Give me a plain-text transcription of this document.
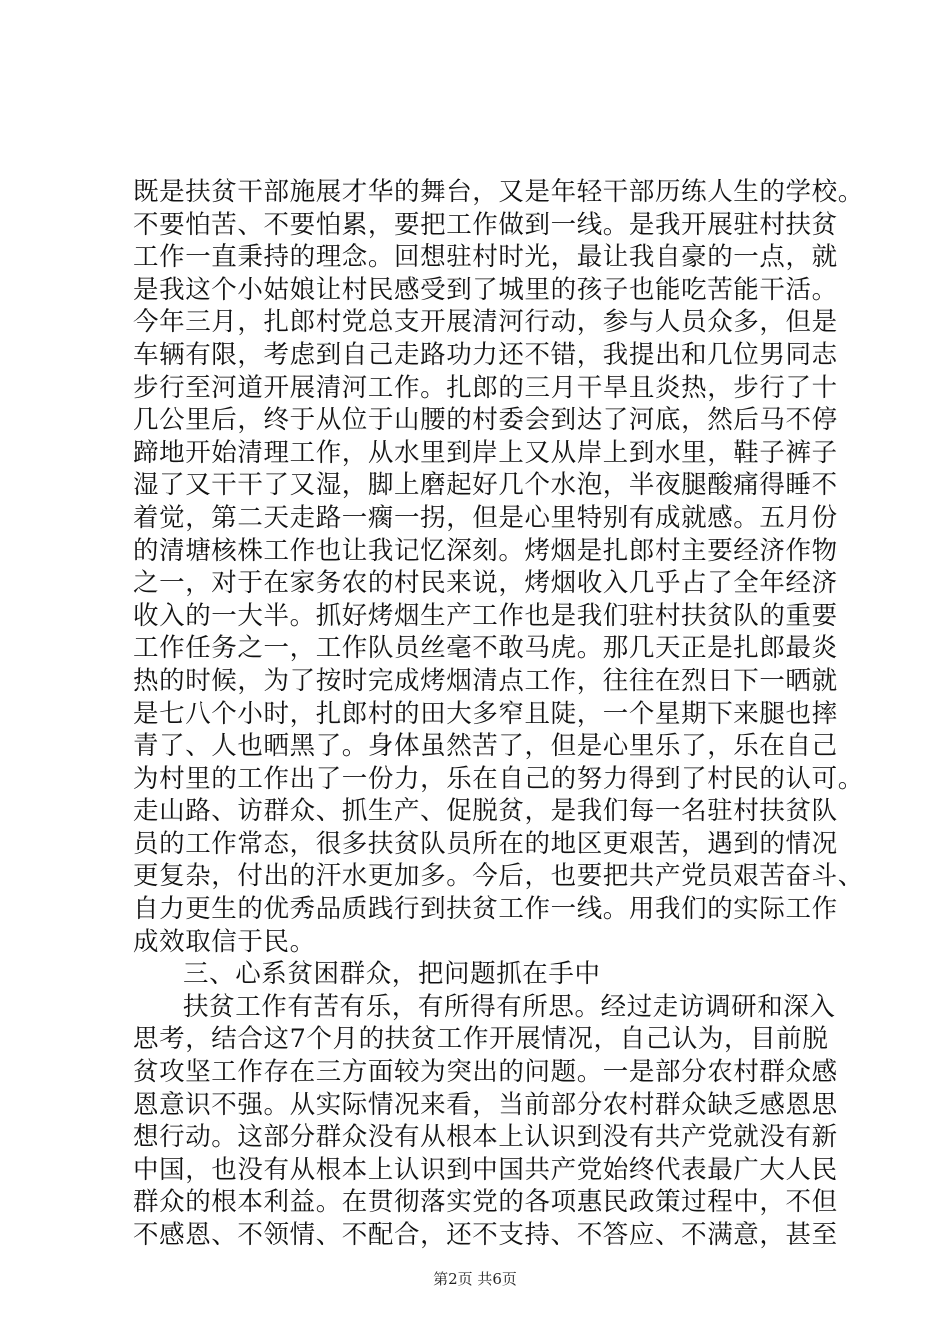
既是扶贫干部施展才华的舞台，又是年轻干部历练人生的学校。
不要怕苦、不要怕累，要把工作做到一线。是我开展驻村扶贫
工作一直秉持的理念。回想驻村时光，最让我自豪的一点，就
是我这个小姑娘让村民感受到了城里的孩子也能吃苦能干活。
今年三月，扎郎村党总支开展清河行动，参与人员众多，但是
车辆有限，考虑到自己走路功力还不错，我提出和几位男同志
步行至河道开展清河工作。扎郎的三月干旱且炎热，步行了十
几公里后，终于从位于山腰的村委会到达了河底，然后马不停
蹄地开始清理工作，从水里到岸上又从岸上到水里，鞋子裤子
湿了又干干了又湿，脚上磨起好几个水泡，半夜腿酸痛得睡不
着觉，第二天走路一瘸一拐，但是心里特别有成就感。五月份
的清塘核株工作也让我记忆深刻。烤烟是扎郎村主要经济作物
之一，对于在家务农的村民来说，烤烟收入几乎占了全年经济
收入的一大半。抓好烤烟生产工作也是我们驻村扶贫队的重要
工作任务之一，工作队员丝毫不敢马虎。那几天正是扎郎最炎
热的时候，为了按时完成烤烟清点工作，往往在烈日下一晒就
是七八个小时，扎郎村的田大多窄且陡，一个星期下来腿也摔
青了、人也晒黑了。身体虽然苦了，但是心里乐了，乐在自己
为村里的工作出了一份力，乐在自己的努力得到了村民的认可。
走山路、访群众、抓生产、促脱贫，是我们每一名驻村扶贫队
员的工作常态，很多扶贫队员所在的地区更艰苦，遇到的情况
更复杂，付出的汗水更加多。今后，也要把共产党员艰苦奋斗、
自力更生的优秀品质践行到扶贫工作一线。用我们的实际工作
成效取信于民。
三、心系贫困群众，把问题抓在手中
扶贫工作有苦有乐，有所得有所思。经过走访调研和深入
思考，结合这7个月的扶贫工作开展情况，自己认为，目前脱
贫攻坚工作存在三方面较为突出的问题。一是部分农村群众感
恩意识不强。从实际情况来看，当前部分农村群众缺乏感恩思
想行动。这部分群众没有从根本上认识到没有共产党就没有新
中国，也没有从根本上认识到中国共产党始终代表最广大人民
群众的根本利益。在贯彻落实党的各项惠民政策过程中，不但
不感恩、不领情、不配合，还不支持、不答应、不满意，甚至
第2页 共6页
